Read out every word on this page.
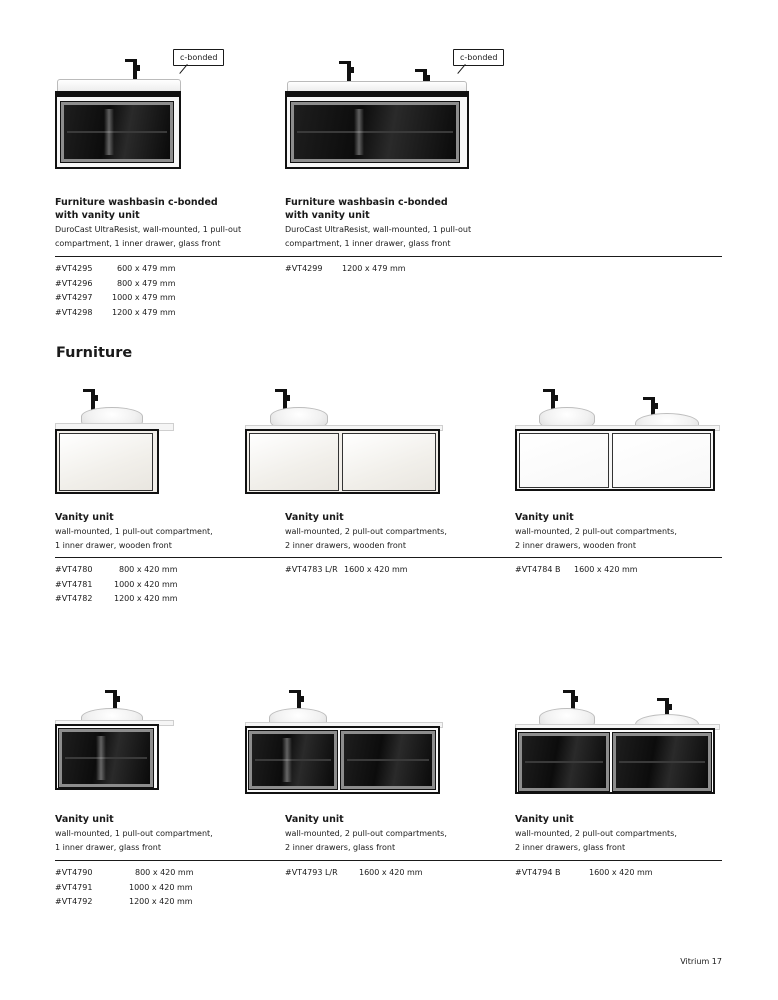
c-bonded	c-bonded
Furniture washbasin c-bonded
with vanity unit
DuroCast UltraResist, wall-mounted, 1 pull-out
compartment, 1 inner drawer, glass front
Furniture washbasin c-bonded
with vanity unit
DuroCast UltraResist, wall-mounted, 1 pull-out
compartment, 1 inner drawer, glass front
#VT4295	600 x 479 mm
#VT4296	800 x 479 mm
#VT4297	1000 x 479 mm
#VT4298	1200 x 479 mm
#VT4299	1200 x 479 mm
Furniture
Vanity unit
wall-mounted, 1 pull-out compartment,
1 inner drawer, wooden front
Vanity unit
wall-mounted, 2 pull-out compartments,
2 inner drawers, wooden front
Vanity unit
wall-mounted, 2 pull-out compartments,
2 inner drawers, wooden front
#VT4780	800 x 420 mm
#VT4781	1000 x 420 mm
#VT4782	1200 x 420 mm
#VT4783 L/R 1600 x 420 mm	#VT4784 B	1600 x 420 mm
Vanity unit
wall-mounted, 1 pull-out compartment,
1 inner drawer, glass front
Vanity unit
wall-mounted, 2 pull-out compartments,
2 inner drawers, glass front
Vanity unit
wall-mounted, 2 pull-out compartments,
2 inner drawers, glass front
#VT4790	800 x 420 mm
#VT4791	1000 x 420 mm
#VT4792	1200 x 420 mm
#VT4793 L/R	1600 x 420 mm	#VT4794 B	1600 x 420 mm
Vitrium 17
